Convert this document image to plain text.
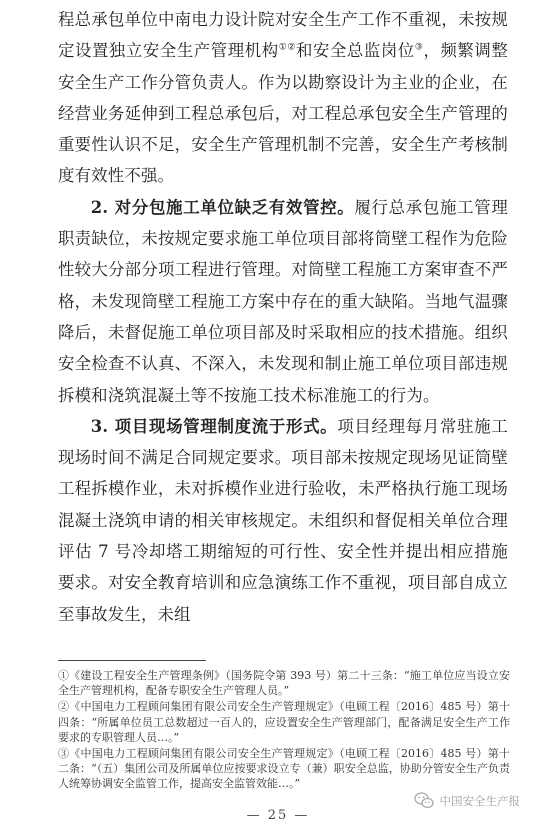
程总承包单位中南电力设计院对安全生产工作不重视，未按规定设置独立安全生产管理机构①②和安全总监岗位③，频繁调整安全生产工作分管负责人。作为以勘察设计为主业的企业，在经营业务延伸到工程总承包后，对工程总承包安全生产管理的重要性认识不足，安全生产管理机制不完善，安全生产考核制度有效性不强。

2. 对分包施工单位缺乏有效管控。履行总承包施工管理职责缺位，未按规定要求施工单位项目部将筒壁工程作为危险性较大分部分项工程进行管理。对筒壁工程施工方案审查不严格，未发现筒壁工程施工方案中存在的重大缺陷。当地气温骤降后，未督促施工单位项目部及时采取相应的技术措施。组织安全检查不认真、不深入，未发现和制止施工单位项目部违规拆模和浇筑混凝土等不按施工技术标准施工的行为。

3. 项目现场管理制度流于形式。项目经理每月常驻施工现场时间不满足合同规定要求。项目部未按规定现场见证筒壁工程拆模作业，未对拆模作业进行验收，未严格执行施工现场混凝土浇筑申请的相关审核规定。未组织和督促相关单位合理评估 7 号冷却塔工期缩短的可行性、安全性并提出相应措施要求。对安全教育培训和应急演练工作不重视，项目部自成立至事故发生，未组

①《建设工程安全生产管理条例》（国务院令第 393 号）第二十三条：“施工单位应当设立安全生产管理机构，配备专职安全生产管理人员。”

②《中国电力工程顾问集团有限公司安全生产管理规定》（电顾工程〔2016〕485 号）第十四条：“所属单位员工总数超过一百人的，应设置安全生产管理部门，配备满足安全生产工作要求的专职管理人员…。”

③《中国电力工程顾问集团有限公司安全生产管理规定》（电顾工程〔2016〕485 号）第十二条：“（五）集团公司及所属单位应按要求设立专（兼）职安全总监，协助分管安全生产负责人统筹协调安全监管工作，提高安全监管效能…。”

— 25 —
中国安全生产报
